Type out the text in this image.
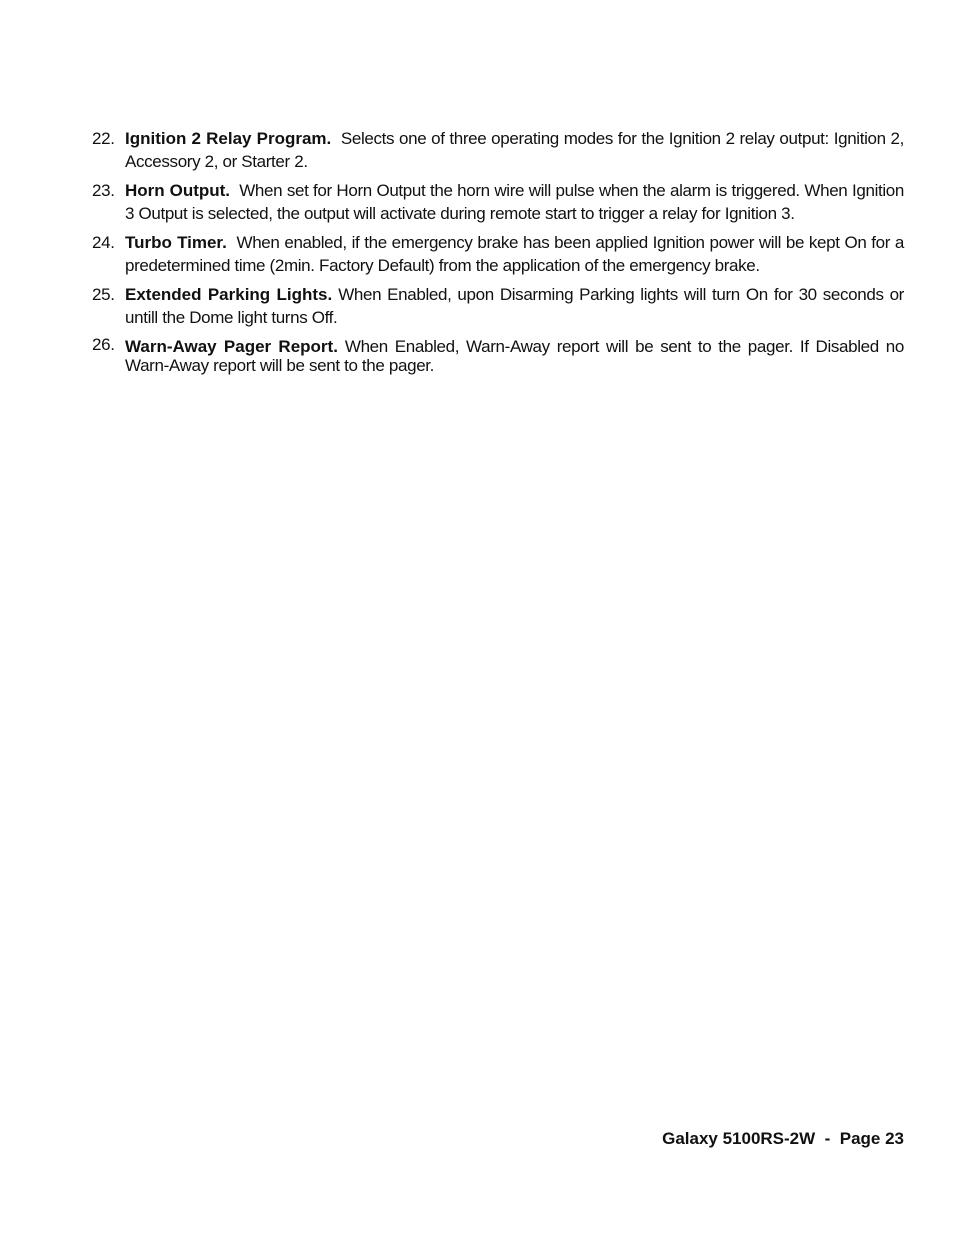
22. Ignition 2 Relay Program. Selects one of three operating modes for the Ignition 2 relay output: Ignition 2, Accessory 2, or Starter 2.
23. Horn Output. When set for Horn Output the horn wire will pulse when the alarm is triggered. When Ignition 3 Output is selected, the output will activate during remote start to trigger a relay for Ignition 3.
24. Turbo Timer. When enabled, if the emergency brake has been applied Ignition power will be kept On for a predetermined time (2min. Factory Default) from the application of the emergency brake.
25. Extended Parking Lights. When Enabled, upon Disarming Parking lights will turn On for 30 seconds or untill the Dome light turns Off.
26. Warn-Away Pager Report. When Enabled, Warn-Away report will be sent to the pager. If Disabled no Warn-Away report will be sent to the pager.
Galaxy 5100RS-2W  -  Page 23
